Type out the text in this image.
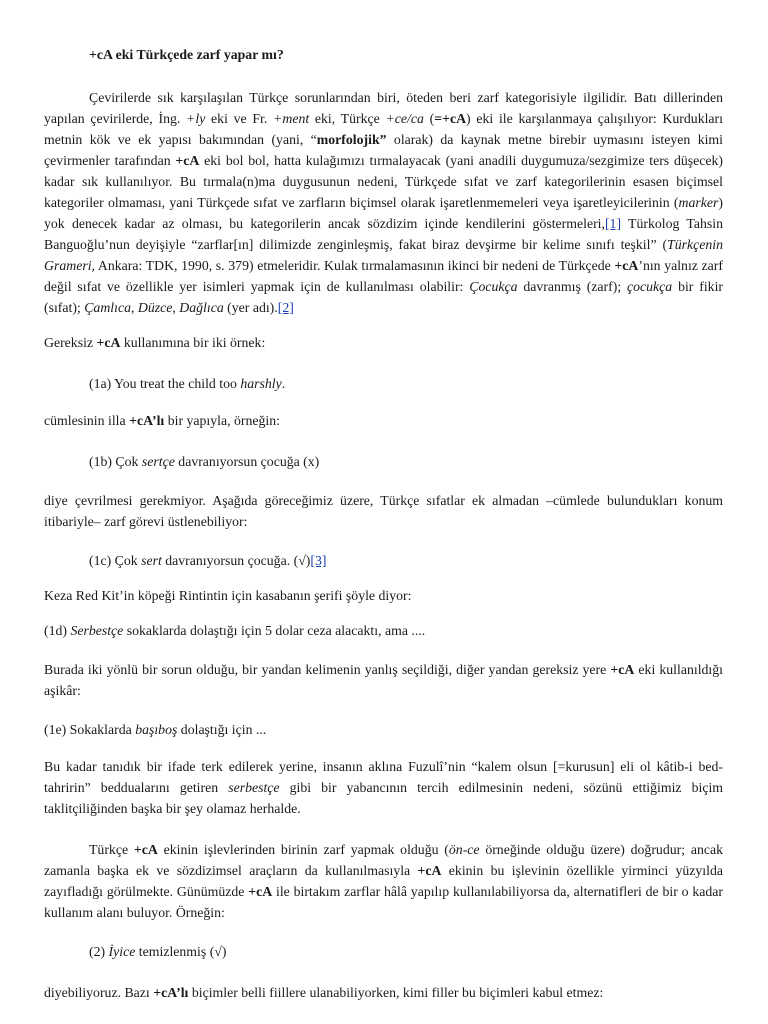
+cA eki Türkçede zarf yapar mı?

Çevirilerde sık karşılaşılan Türkçe sorunlarından biri, öteden beri zarf kategorisiyle ilgilidir. Batı dillerinden yapılan çevirilerde, İng. +ly eki ve Fr. +ment eki, Türkçe +ce/ca (=+cA) eki ile karşılanmaya çalışılıyor: Kurdukları metnin kök ve ek yapısı bakımından (yani, “morfolojik” olarak) da kaynak metne birebir uymasını isteyen kimi çevirmenler tarafından +cA eki bol bol, hatta kulağımızı tırmalayacak (yani anadili duygumuza/sezgimize ters düşecek) kadar sık kullanılıyor. Bu tırmala(n)ma duygusunun nedeni, Türkçede sıfat ve zarf kategorilerinin esasen biçimsel kategoriler olmaması, yani Türkçede sıfat ve zarfların biçimsel olarak işaretlenmemeleri veya işaretleyicilerinin (marker) yok denecek kadar az olması, bu kategorilerin ancak sözdizim içinde kendilerini göstermeleri,[1] Türkolog Tahsin Banguoğlu’nun deyişiyle “zarflar[ın] dilimizde zenginleşmiş, fakat biraz devşirme bir kelime sınıfı teşkil” (Türkçenin Grameri, Ankara: TDK, 1990, s. 379) etmeleridir. Kulak tırmalamasının ikinci bir nedeni de Türkçede +cA’nın yalnız zarf değil sıfat ve özellikle yer isimleri yapmak için de kullanılması olabilir: Çocukça davranmış (zarf); çocukça bir fikir (sıfat); Çamlıca, Düzce, Dağlıca (yer adı).[2]

Gereksiz +cA kullanımına bir iki örnek:

(1a) You treat the child too harshly.

cümlesinin illa +cA’lı bir yapıyla, örneğin:

(1b) Çok sertçe davranıyorsun çocuğa (x)

diye çevrilmesi gerekmiyor. Aşağıda göreceğimiz üzere, Türkçe sıfatlar ek almadan –cümlede bulundukları konum itibariyle– zarf görevi üstlenebiliyor:

(1c) Çok sert davranıyorsun çocuğa. (√)[3]

Keza Red Kit’in köpeği Rintintin için kasabanın şerifi şöyle diyor:

(1d) Serbestçe sokaklarda dolaştığı için 5 dolar ceza alacaktı, ama ....

Burada iki yönlü bir sorun olduğu, bir yandan kelimenin yanlış seçildiği, diğer yandan gereksiz yere +cA eki kullanıldığı aşikâr:

(1e) Sokaklarda başıboş dolaştığı için ...

Bu kadar tanıdık bir ifade terk edilerek yerine, insanın aklına Fuzulî’nin “kalem olsun [=kurusun] eli ol kâtib-i bed-tahririn” beddualarını getiren serbestçe gibi bir yabancının tercih edilmesinin nedeni, sözünü ettiğimiz biçim taklitçiliğinden başka bir şey olamaz herhalde.

Türkçe +cA ekinin işlevlerinden birinin zarf yapmak olduğu (ön-ce örneğinde olduğu üzere) doğrudur; ancak zamanla başka ek ve sözdizimsel araçların da kullanılmasıyla +cA ekinin bu işlevinin özellikle yirminci yüzyılda zayıfladığı görülmekte. Günümüzde +cA ile birtakım zarflar hâlâ yapılıp kullanılabiliyorsa da, alternatifleri de bir o kadar kullanım alanı buluyor. Örneğin:

(2) İyice temizlenmiş (√)

diyebiliyoruz. Bazı +cA’lı biçimler belli fiillere ulanabiliyorken, kimi filler bu biçimleri kabul etmez:
